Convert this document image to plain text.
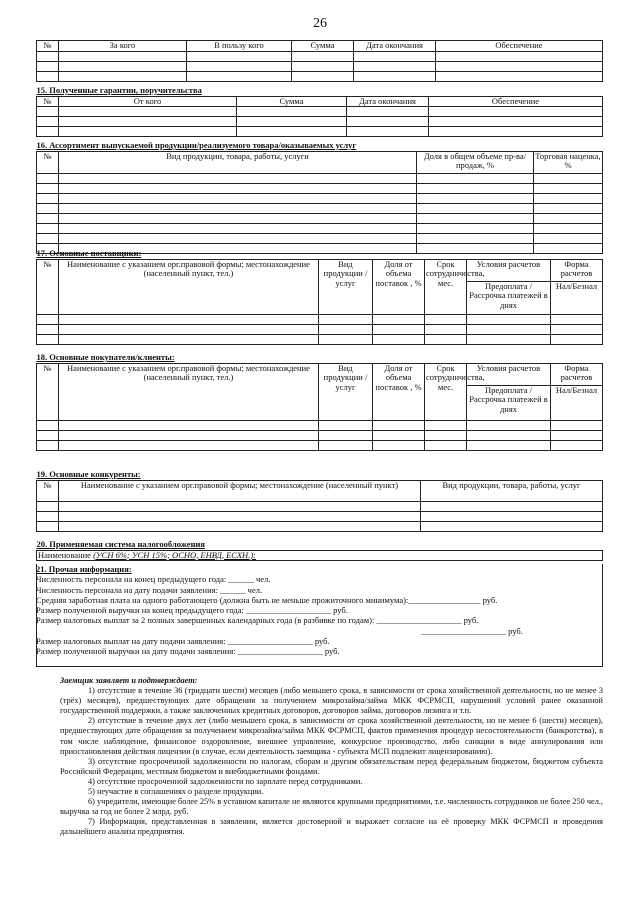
26
№	За кого	В пользу кого	Сумма	Дата окончания	Обеспечение

15. Полученные гарантии, поручительства				
№	От кого	Сумма	Дата окончания	Обеспечение

16. Ассортимент выпускаемой продукции/реализуемого товара/оказываемых услуг			
№	Вид продукции, товара, работы, услуги	Доля в общем объеме пр-ва/продаж, %	Торговая наценка, %

17. Основные поставщики:						
№	Наименование с указанием орг.правовой формы; местонахождение (населенный пункт, тел.)	Вид продукции /услуг	Доля от объема поставок , %	Срок сотрудничества, мес.	Условия расчетов	Форма расчетов
					Предоплата / Рассрочка платежей в днях	Нал/Безнал

18. Основные покупатели/клиенты:						
№	Наименование с указанием орг.правовой формы; местонахождение (населенный пункт, тел.)	Вид продукции /услуг	Доля от объема поставок , %	Срок сотрудничества, мес.	Условия расчетов	Форма расчетов
					Предоплата / Рассрочка платежей в днях	Нал/Безнал

19. Основные конкуренты:		
№	Наименование с указанием орг.правовой формы; местонахождение (населенный пункт)	Вид продукции, товара, работы, услуг

20. Применяемая система налогообложения
Наименование (УСН 6%; УСН 15%; ОСНО, ЕНВД, ЕСХН.):
21. Прочая информация:
Численность персонала на конец предыдущего года: ______ чел.
Численность персонала на дату подачи заявления: ______ чел.
Средняя заработная плата на одного работающего (должна быть не меньше прожиточного минимума):_________________ руб.
Размер полученной выручки на конец предыдущего года: ____________________ руб.
Размер налоговых выплат за 2 полных завершенных календарных года (в разбивке по годам): ____________________ руб.
____________________ руб.
Размер налоговых выплат на дату подачи заявления: ____________________ руб.
Размер полученной выручки на дату подачи заявления: ____________________ руб.
Заемщик заявляет и подтверждает:
1) отсутствие в течение 36 (тридцати шести) месяцев (либо меньшего срока, в зависимости от срока хозяйственной деятельности, но не менее 3 (трёх) месяцев), предшествующих дате обращения за получением микрозайма/займа МКК ФСРМСП, нарушений условий ранее оказанной государственной поддержки, а также заключенных кредитных договоров, договоров займа, договоров лизинга и т.п.
2) отсутствие в течение двух лет (либо меньшего срока, в зависимости от срока хозяйственной деятельности, но не менее 6 (шести) месяцев), предшествующих дате обращения за получением микрозайма/займа МКК ФСРМСП, фактов применения процедур несостоятельности (банкротства), в том числе наблюдение, финансовое оздоровление, внешнее управление, конкурсное производство, либо санкции в виде аннулирования или приостановления действия лицензии (в случае, если деятельность заемщика - субъекта МСП подлежит лицензированию).
3) отсутствие просроченной задолженности по налогам, сборам и другим обязательствам перед федеральным бюджетом, бюджетом субъекта Российской Федерации, местным бюджетом и внебюджетными фондами.
4) отсутствие просроченной задолженности по зарплате перед сотрудниками.
5) неучастие в соглашениях о разделе продукции.
6) учредители, имеющие более 25% в уставном капитале не являются крупными предприятиями, т.е. численность сотрудников не более 250 чел., выручка за год не более 2 млрд. руб.
7) Информация, представленная в заявлении, является достоверной и выражает согласие на её проверку МКК ФСРМСП и проведения дальнейшего анализа предприятия.
